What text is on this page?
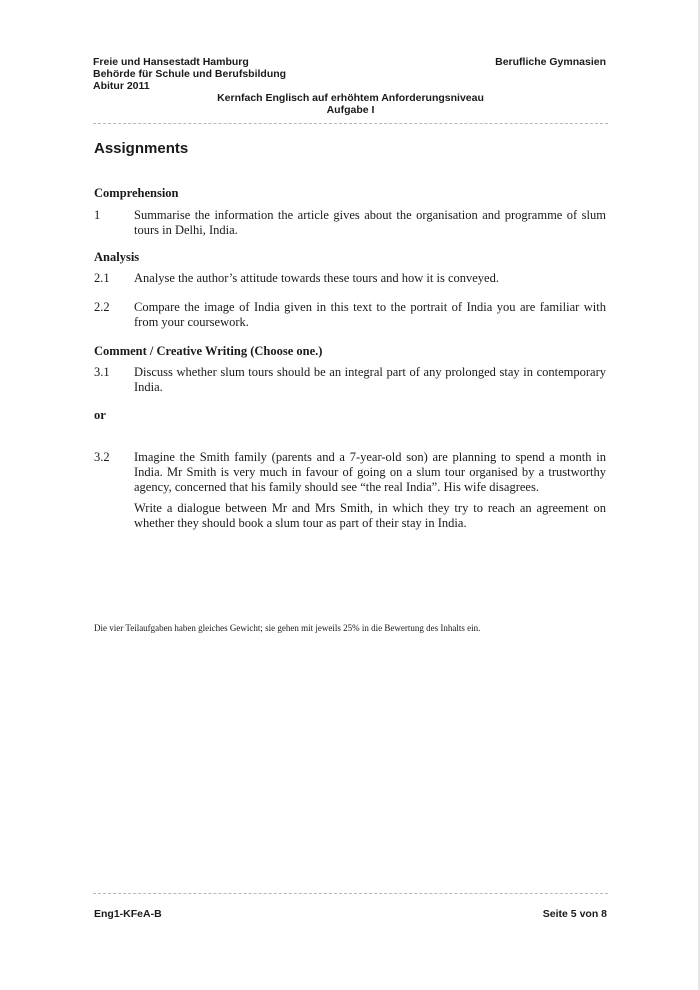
Freie und Hansestadt Hamburg
Behörde für Schule und Berufsbildung
Abitur 2011
Berufliche Gymnasien
Kernfach Englisch auf erhöhtem Anforderungsniveau
Aufgabe I
Assignments
Comprehension
1	Summarise the information the article gives about the organisation and programme of slum tours in Delhi, India.
Analysis
2.1 Analyse the author’s attitude towards these tours and how it is conveyed.
2.2 Compare the image of India given in this text to the portrait of India you are familiar with from your coursework.
Comment / Creative Writing (Choose one.)
3.1 Discuss whether slum tours should be an integral part of any prolonged stay in contemporary India.
or
3.2 Imagine the Smith family (parents and a 7-year-old son) are planning to spend a month in India. Mr Smith is very much in favour of going on a slum tour organised by a trustworthy agency, concerned that his family should see “the real India”. His wife disagrees.

Write a dialogue between Mr and Mrs Smith, in which they try to reach an agreement on whether they should book a slum tour as part of their stay in India.

Die vier Teilaufgaben haben gleiches Gewicht; sie gehen mit jeweils 25% in die Bewertung des Inhalts ein.
Eng1-KFeA-B	Seite 5 von 8
